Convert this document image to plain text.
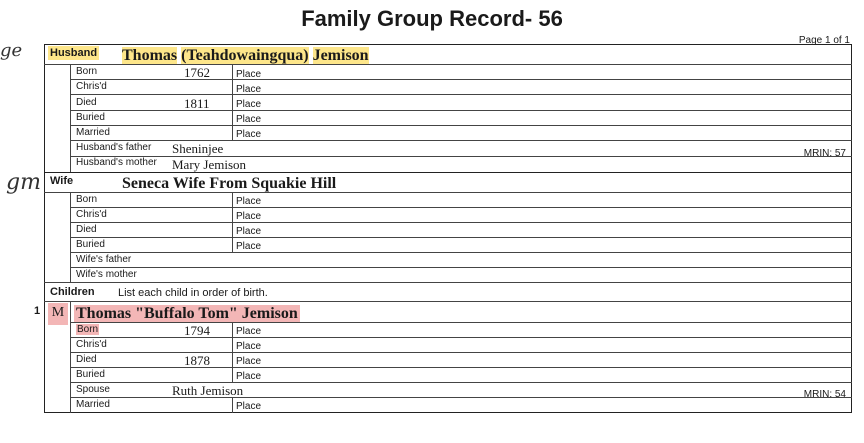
Family Group Record- 56
Page 1 of 1
ge
gm
Husband Thomas (Teahdowaingqua) Jemison
Born	1762	Place
Chris'd	Place
Died	1811	Place
Buried	Place
Married	Place
Husband's father Sheninjee
Husband's mother Mary Jemison
MRIN: 57
Wife	Seneca Wife From Squakie Hill
Born	Place
Chris'd	Place
Died	Place
Buried	Place
Wife's father
Wife's mother
Children List each child in order of birth.
1 M Thomas "Buffalo Tom" Jemison
Born	1794	Place
Chris'd	Place
Died	1878	Place
Buried	Place
Spouse	Ruth Jemison	MRIN: 54
Married	Place
